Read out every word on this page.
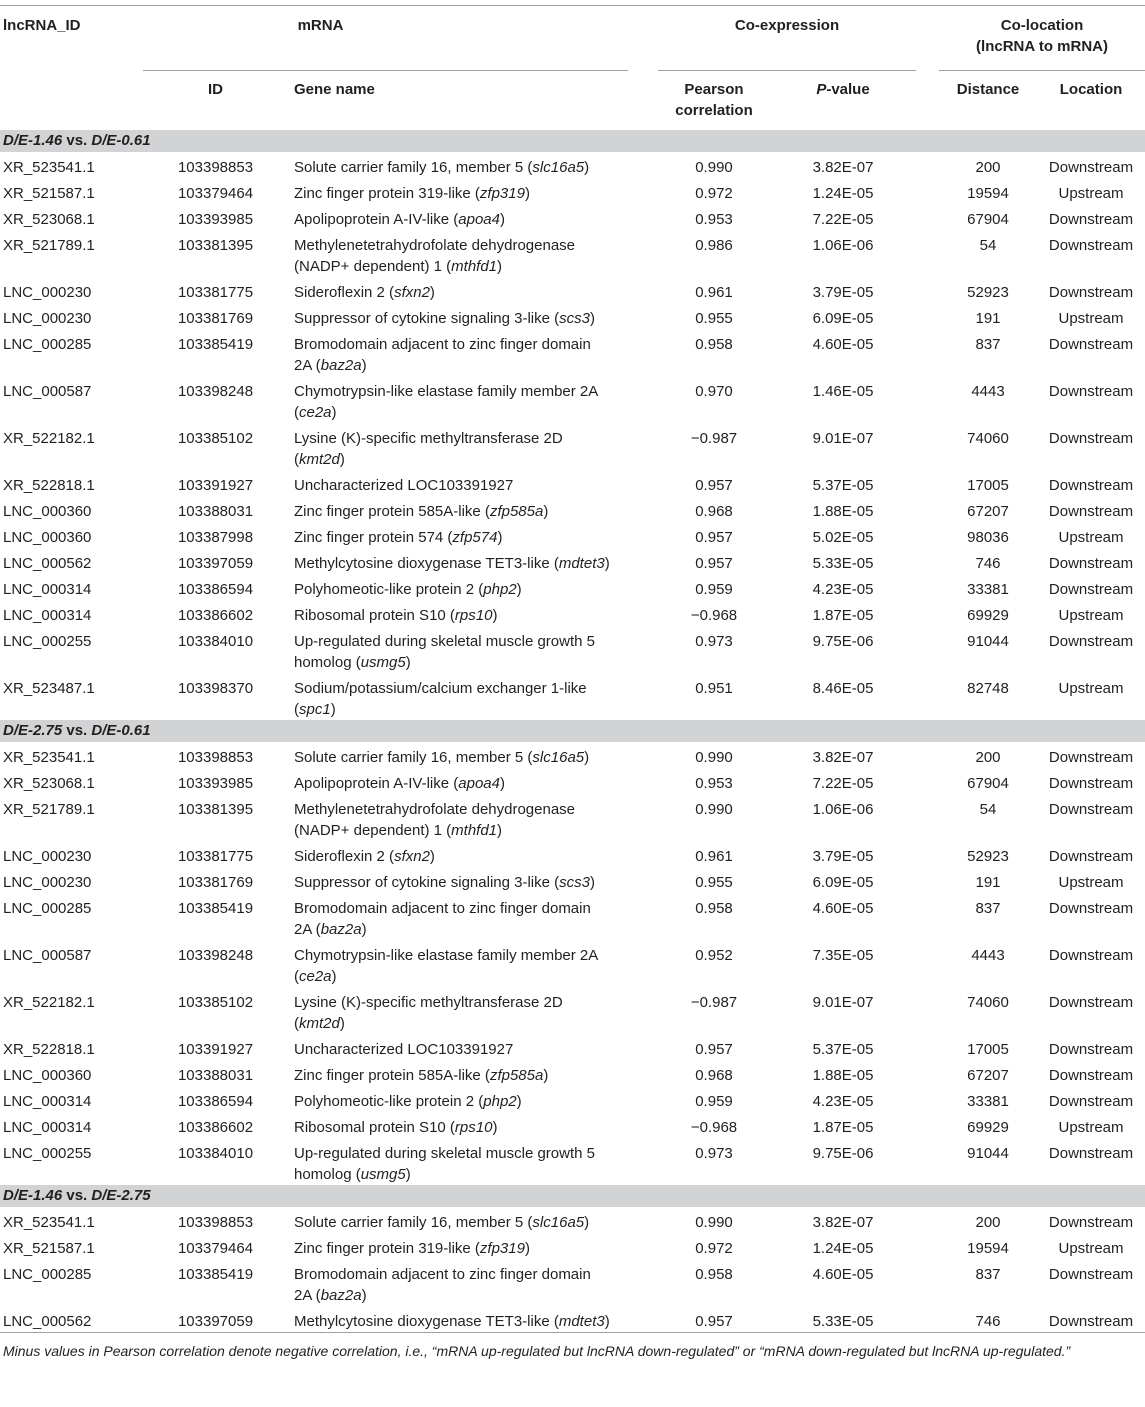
lncRNA_ID	mRNA			Co-expression			Co-location
(lncRNA to mRNA)	
	ID	Gene name		Pearson
correlation	P-value		Distance	Location
D/E-1.46 vs. D/E-0.61								
XR_523541.1	103398853	Solute carrier family 16, member 5 (slc16a5)		0.990	3.82E-07		200	Downstream
XR_521587.1	103379464	Zinc finger protein 319-like (zfp319)		0.972	1.24E-05		19594	Upstream
XR_523068.1	103393985	Apolipoprotein A-IV-like (apoa4)		0.953	7.22E-05		67904	Downstream
XR_521789.1	103381395	Methylenetetrahydrofolate dehydrogenase
(NADP+ dependent) 1 (mthfd1)		0.986	1.06E-06		54	Downstream
LNC_000230	103381775	Sideroflexin 2 (sfxn2)		0.961	3.79E-05		52923	Downstream
LNC_000230	103381769	Suppressor of cytokine signaling 3-like (scs3)		0.955	6.09E-05		191	Upstream
LNC_000285	103385419	Bromodomain adjacent to zinc finger domain
2A (baz2a)		0.958	4.60E-05		837	Downstream
LNC_000587	103398248	Chymotrypsin-like elastase family member 2A
(ce2a)		0.970	1.46E-05		4443	Downstream
XR_522182.1	103385102	Lysine (K)-specific methyltransferase 2D
(kmt2d)		−0.987	9.01E-07		74060	Downstream
XR_522818.1	103391927	Uncharacterized LOC103391927		0.957	5.37E-05		17005	Downstream
LNC_000360	103388031	Zinc finger protein 585A-like (zfp585a)		0.968	1.88E-05		67207	Downstream
LNC_000360	103387998	Zinc finger protein 574 (zfp574)		0.957	5.02E-05		98036	Upstream
LNC_000562	103397059	Methylcytosine dioxygenase TET3-like (mdtet3)		0.957	5.33E-05		746	Downstream
LNC_000314	103386594	Polyhomeotic-like protein 2 (php2)		0.959	4.23E-05		33381	Downstream
LNC_000314	103386602	Ribosomal protein S10 (rps10)		−0.968	1.87E-05		69929	Upstream
LNC_000255	103384010	Up-regulated during skeletal muscle growth 5
homolog (usmg5)		0.973	9.75E-06		91044	Downstream
XR_523487.1	103398370	Sodium/potassium/calcium exchanger 1-like
(spc1)		0.951	8.46E-05		82748	Upstream
D/E-2.75 vs. D/E-0.61								
XR_523541.1	103398853	Solute carrier family 16, member 5 (slc16a5)		0.990	3.82E-07		200	Downstream
XR_523068.1	103393985	Apolipoprotein A-IV-like (apoa4)		0.953	7.22E-05		67904	Downstream
XR_521789.1	103381395	Methylenetetrahydrofolate dehydrogenase
(NADP+ dependent) 1 (mthfd1)		0.990	1.06E-06		54	Downstream
LNC_000230	103381775	Sideroflexin 2 (sfxn2)		0.961	3.79E-05		52923	Downstream
LNC_000230	103381769	Suppressor of cytokine signaling 3-like (scs3)		0.955	6.09E-05		191	Upstream
LNC_000285	103385419	Bromodomain adjacent to zinc finger domain
2A (baz2a)		0.958	4.60E-05		837	Downstream
LNC_000587	103398248	Chymotrypsin-like elastase family member 2A
(ce2a)		0.952	7.35E-05		4443	Downstream
XR_522182.1	103385102	Lysine (K)-specific methyltransferase 2D
(kmt2d)		−0.987	9.01E-07		74060	Downstream
XR_522818.1	103391927	Uncharacterized LOC103391927		0.957	5.37E-05		17005	Downstream
LNC_000360	103388031	Zinc finger protein 585A-like (zfp585a)		0.968	1.88E-05		67207	Downstream
LNC_000314	103386594	Polyhomeotic-like protein 2 (php2)		0.959	4.23E-05		33381	Downstream
LNC_000314	103386602	Ribosomal protein S10 (rps10)		−0.968	1.87E-05		69929	Upstream
LNC_000255	103384010	Up-regulated during skeletal muscle growth 5
homolog (usmg5)		0.973	9.75E-06		91044	Downstream
D/E-1.46 vs. D/E-2.75								
XR_523541.1	103398853	Solute carrier family 16, member 5 (slc16a5)		0.990	3.82E-07		200	Downstream
XR_521587.1	103379464	Zinc finger protein 319-like (zfp319)		0.972	1.24E-05		19594	Upstream
LNC_000285	103385419	Bromodomain adjacent to zinc finger domain
2A (baz2a)		0.958	4.60E-05		837	Downstream
LNC_000562	103397059	Methylcytosine dioxygenase TET3-like (mdtet3)		0.957	5.33E-05		746	Downstream
Minus values in Pearson correlation denote negative correlation, i.e., “mRNA up-regulated but lncRNA down-regulated” or “mRNA down-regulated but lncRNA up-regulated.”
